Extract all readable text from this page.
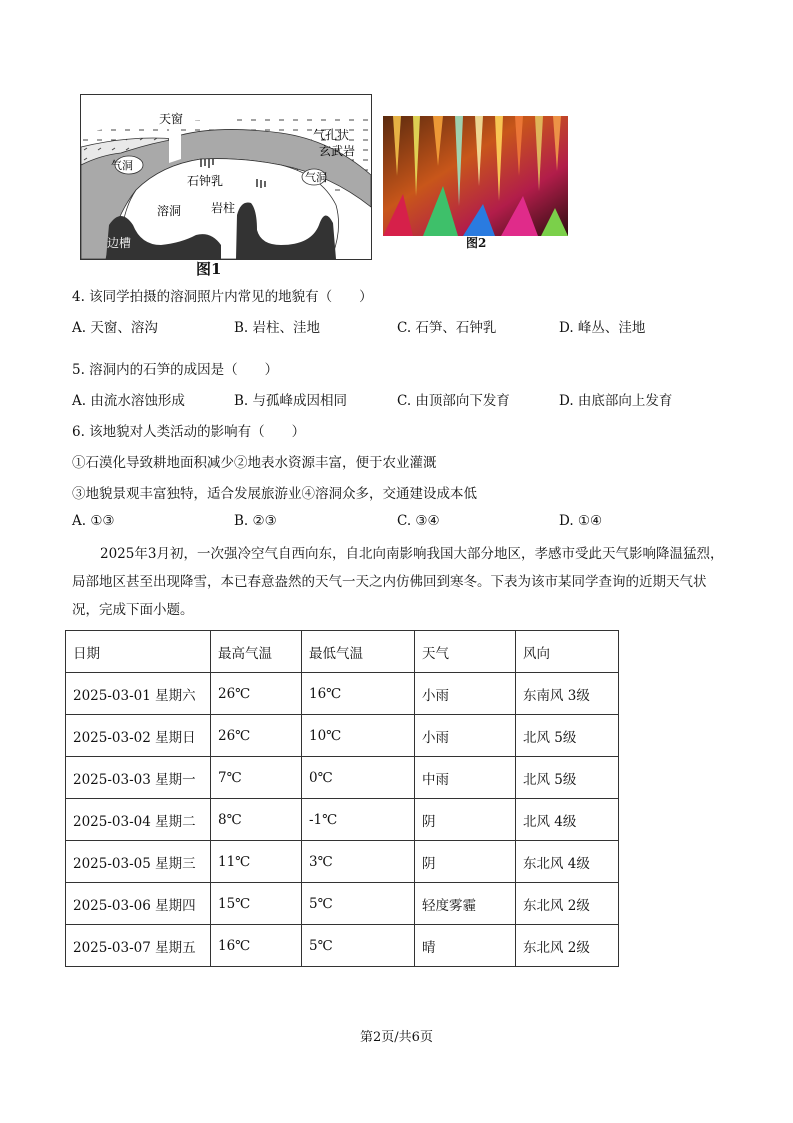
天窗
气孔状
玄武岩
气洞
气洞
石钟乳
溶洞 岩柱
边槽
图1
图2
4. 该同学拍摄的溶洞照片内常见的地貌有（　　）
A. 天窗、溶沟	B. 岩柱、洼地	C. 石笋、石钟乳	D. 峰丛、洼地
5. 溶洞内的石笋的成因是（　　）
A. 由流水溶蚀形成	B. 与孤峰成因相同	C. 由顶部向下发育	D. 由底部向上发育
6. 该地貌对人类活动的影响有（　　）
①石漠化导致耕地面积减少②地表水资源丰富，便于农业灌溉
③地貌景观丰富独特，适合发展旅游业④溶洞众多，交通建设成本低
A. ①③	B. ②③	C. ③④	D. ①④
2025年3月初，一次强冷空气自西向东，自北向南影响我国大部分地区，孝感市受此天气影响降温猛烈，局部地区甚至出现降雪，本已春意盎然的天气一天之内仿佛回到寒冬。下表为该市某同学查询的近期天气状况，完成下面小题。
日期	最高气温	最低气温	天气	风向
2025-03-01 星期六	26℃	16℃	小雨	东南风 3级
2025-03-02 星期日	26℃	10℃	小雨	北风 5级
2025-03-03 星期一	7℃	0℃	中雨	北风 5级
2025-03-04 星期二	8℃	-1℃	阴	北风 4级
2025-03-05 星期三	11℃	3℃	阴	东北风 4级
2025-03-06 星期四	15℃	5℃	轻度雾霾	东北风 2级
2025-03-07 星期五	16℃	5℃	晴	东北风 2级
第2页/共6页
